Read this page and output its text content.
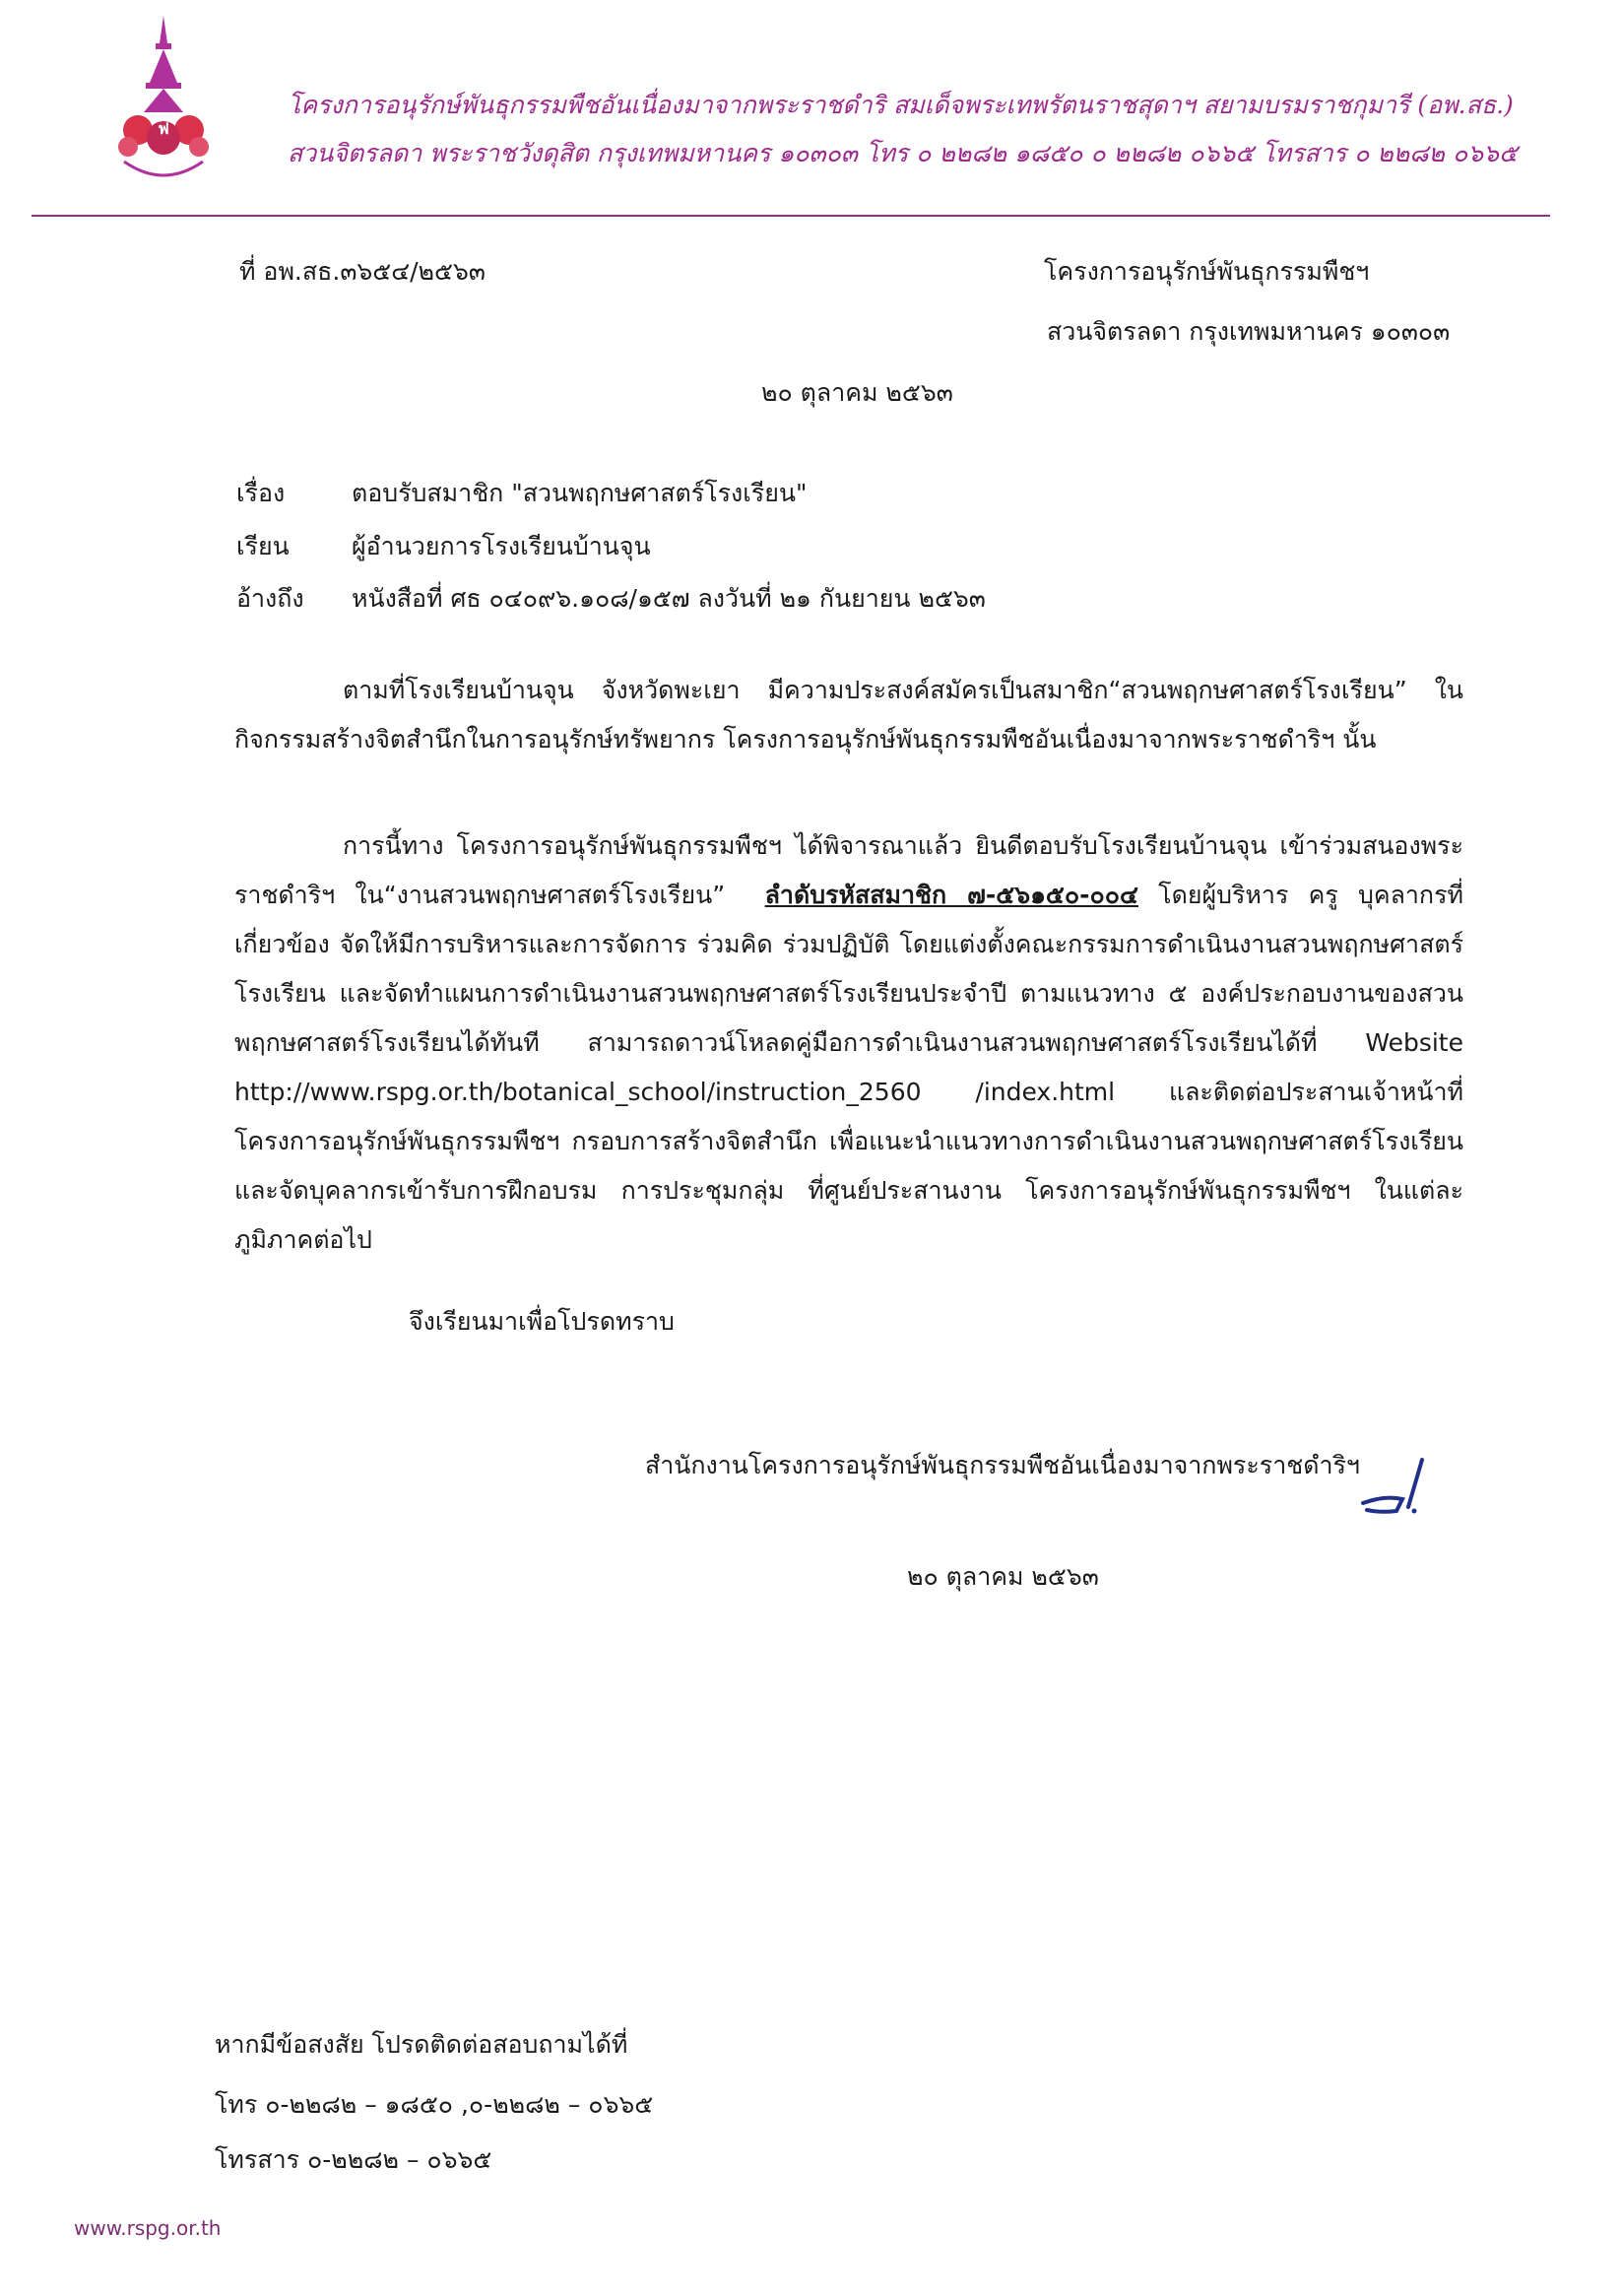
ฟ
โครงการอนุรักษ์พันธุกรรมพืชอันเนื่องมาจากพระราชดำริ สมเด็จพระเทพรัตนราชสุดาฯ สยามบรมราชกุมารี (อพ.สธ.)
สวนจิตรลดา พระราชวังดุสิต กรุงเทพมหานคร ๑๐๓๐๓ โทร ๐ ๒๒๘๒ ๑๘๕๐ ๐ ๒๒๘๒ ๐๖๖๕ โทรสาร ๐ ๒๒๘๒ ๐๖๖๕
ที่ อพ.สธ.๓๖๕๔/๒๕๖๓	โครงการอนุรักษ์พันธุกรรมพืชฯ
สวนจิตรลดา กรุงเทพมหานคร ๑๐๓๐๓
๒๐ ตุลาคม ๒๕๖๓
เรื่อง	ตอบรับสมาชิก "สวนพฤกษศาสตร์โรงเรียน"
เรียน	ผู้อำนวยการโรงเรียนบ้านจุน
อ้างถึง หนังสือที่ ศธ ๐๔๐๙๖.๑๐๘/๑๕๗ ลงวันที่ ๒๑ กันยายน ๒๕๖๓
ตามที่โรงเรียนบ้านจุน จังหวัดพะเยา มีความประสงค์สมัครเป็นสมาชิก“สวนพฤกษศาสตร์โรงเรียน” ในกิจกรรมสร้างจิตสำนึกในการอนุรักษ์ทรัพยากร โครงการอนุรักษ์พันธุกรรมพืชอันเนื่องมาจากพระราชดำริฯ นั้น
การนี้ทาง โครงการอนุรักษ์พันธุกรรมพืชฯ ได้พิจารณาแล้ว ยินดีตอบรับโรงเรียนบ้านจุน เข้าร่วมสนองพระราชดำริฯ ใน“งานสวนพฤกษศาสตร์โรงเรียน” ลำดับรหัสสมาชิก ๗-๕๖๑๕๐-๐๐๔ โดยผู้บริหาร ครู บุคลากรที่เกี่ยวข้อง จัดให้มีการบริหารและการจัดการ ร่วมคิด ร่วมปฏิบัติ โดยแต่งตั้งคณะกรรมการดำเนินงานสวนพฤกษศาสตร์โรงเรียน และจัดทำแผนการดำเนินงานสวนพฤกษศาสตร์โรงเรียนประจำปี ตามแนวทาง ๕ องค์ประกอบงานของสวนพฤกษศาสตร์โรงเรียนได้ทันที สามารถดาวน์โหลดคู่มือการดำเนินงานสวนพฤกษศาสตร์โรงเรียนได้ที่ Website http://www.rspg.or.th/botanical_school/instruction_2560 /index.html และติดต่อประสานเจ้าหน้าที่ โครงการอนุรักษ์พันธุกรรมพืชฯ กรอบการสร้างจิตสำนึก เพื่อแนะนำแนวทางการดำเนินงานสวนพฤกษศาสตร์โรงเรียน และจัดบุคลากรเข้ารับการฝึกอบรม การประชุมกลุ่ม ที่ศูนย์ประสานงาน โครงการอนุรักษ์พันธุกรรมพืชฯ ในแต่ละภูมิภาคต่อไป
จึงเรียนมาเพื่อโปรดทราบ
สำนักงานโครงการอนุรักษ์พันธุกรรมพืชอันเนื่องมาจากพระราชดำริฯ
๒๐ ตุลาคม ๒๕๖๓
หากมีข้อสงสัย โปรดติดต่อสอบถามได้ที่
โทร ๐-๒๒๘๒ – ๑๘๕๐ ,๐-๒๒๘๒ – ๐๖๖๕
โทรสาร ๐-๒๒๘๒ – ๐๖๖๕
www.rspg.or.th
